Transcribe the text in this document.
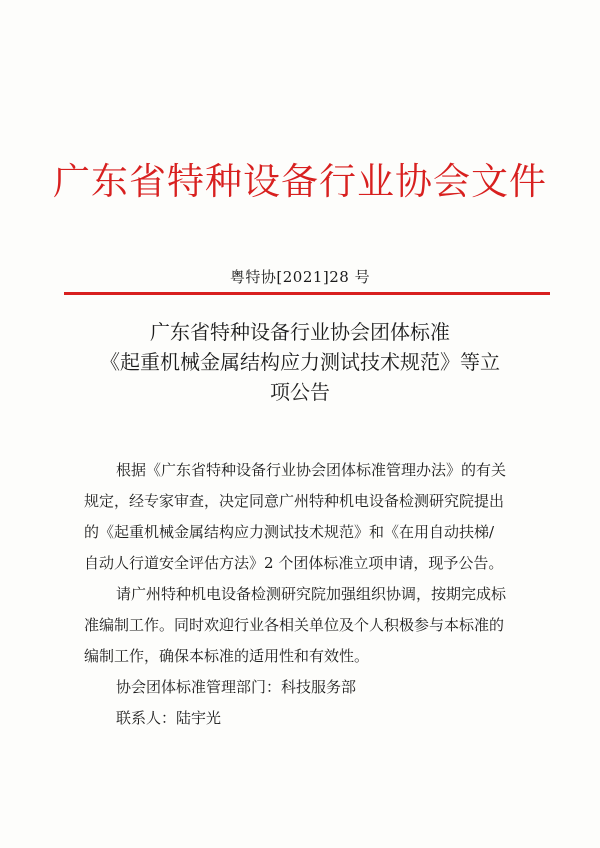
广东省特种设备行业协会文件
粤特协[2021]28 号
广东省特种设备行业协会团体标准
《起重机械金属结构应力测试技术规范》等立
项公告
根据《广东省特种设备行业协会团体标准管理办法》的有关
规定，经专家审查，决定同意广州特种机电设备检测研究院提出
的《起重机械金属结构应力测试技术规范》和《在用自动扶梯/
自动人行道安全评估方法》2 个团体标准立项申请，现予公告。
请广州特种机电设备检测研究院加强组织协调，按期完成标
准编制工作。同时欢迎行业各相关单位及个人积极参与本标准的
编制工作，确保本标准的适用性和有效性。
协会团体标准管理部门：科技服务部
联系人：陆宇光
